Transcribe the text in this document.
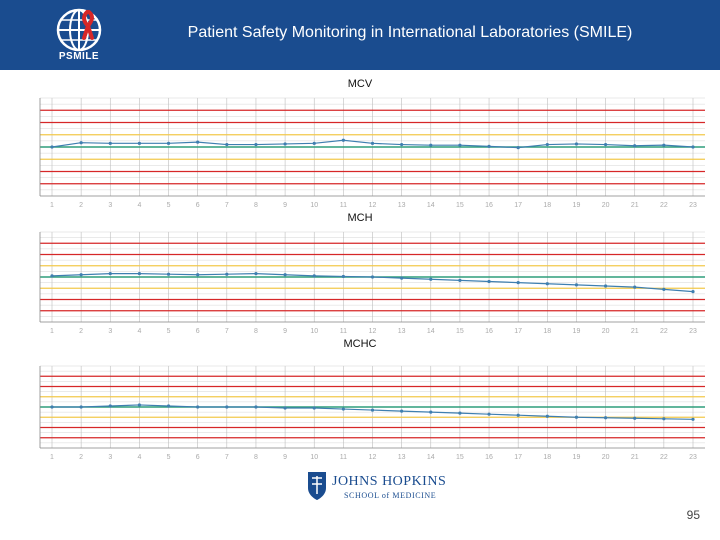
PSMILE
Patient Safety Monitoring in International Laboratories (SMILE)
MCV
1	2	3	4	5	6	7	8	9	10	11	12	13	14	15	16	17	18	19	20	21	22	23
MCH
1	2	3	4	5	6	7	8	9	10	11	12	13	14	15	16	17	18	19	20	21	22	23
MCHC
1	2	3	4	5	6	7	8	9	10	11	12	13	14	15	16	17	18	19	20	21	22	23
JOHNS HOPKINS
SCHOOL of MEDICINE
95
